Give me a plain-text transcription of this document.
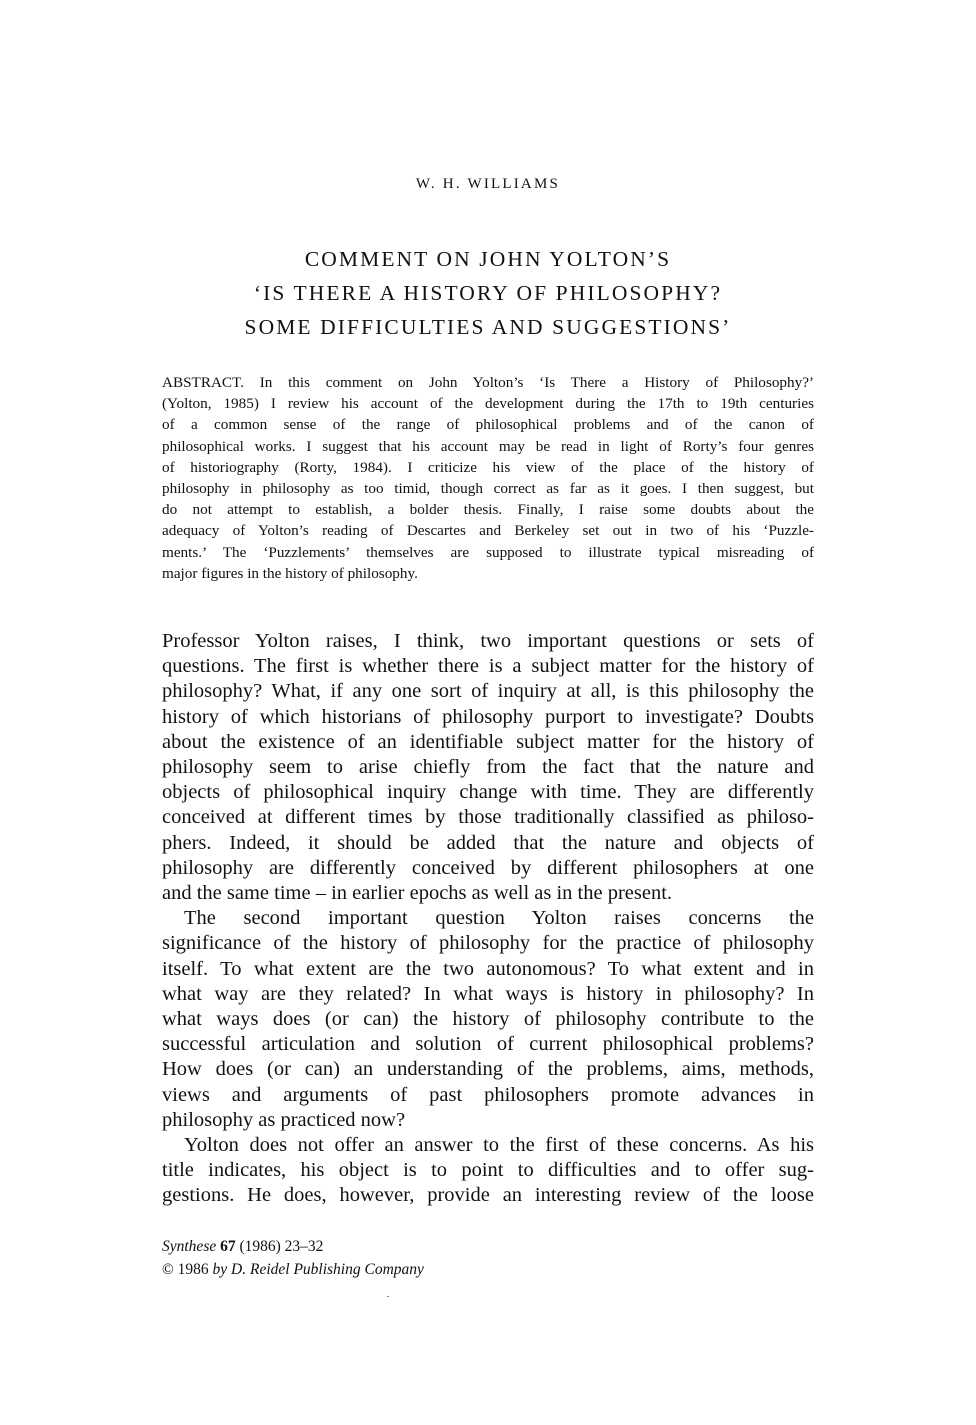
W. H. WILLIAMS
COMMENT ON JOHN YOLTON’S
‘IS THERE A HISTORY OF PHILOSOPHY?
SOME DIFFICULTIES AND SUGGESTIONS’
ABSTRACT. In this comment on John Yolton’s ‘Is There a History of Philosophy?’
(Yolton, 1985) I review his account of the development during the 17th to 19th centuries
of a common sense of the range of philosophical problems and of the canon of
philosophical works. I suggest that his account may be read in light of Rorty’s four genres
of historiography (Rorty, 1984). I criticize his view of the place of the history of
philosophy in philosophy as too timid, though correct as far as it goes. I then suggest, but
do not attempt to establish, a bolder thesis. Finally, I raise some doubts about the
adequacy of Yolton’s reading of Descartes and Berkeley set out in two of his ‘Puzzle-
ments.’ The ‘Puzzlements’ themselves are supposed to illustrate typical misreading of
major figures in the history of philosophy.
Professor Yolton raises, I think, two important questions or sets of
questions. The first is whether there is a subject matter for the history of
philosophy? What, if any one sort of inquiry at all, is this philosophy the
history of which historians of philosophy purport to investigate? Doubts
about the existence of an identifiable subject matter for the history of
philosophy seem to arise chiefly from the fact that the nature and
objects of philosophical inquiry change with time. They are differently
conceived at different times by those traditionally classified as philoso-
phers. Indeed, it should be added that the nature and objects of
philosophy are differently conceived by different philosophers at one
and the same time – in earlier epochs as well as in the present.
The second important question Yolton raises concerns the
significance of the history of philosophy for the practice of philosophy
itself. To what extent are the two autonomous? To what extent and in
what way are they related? In what ways is history in philosophy? In
what ways does (or can) the history of philosophy contribute to the
successful articulation and solution of current philosophical problems?
How does (or can) an understanding of the problems, aims, methods,
views and arguments of past philosophers promote advances in
philosophy as practiced now?
Yolton does not offer an answer to the first of these concerns. As his
title indicates, his object is to point to difficulties and to offer sug-
gestions. He does, however, provide an interesting review of the loose
Synthese 67 (1986) 23–32
© 1986 by D. Reidel Publishing Company
